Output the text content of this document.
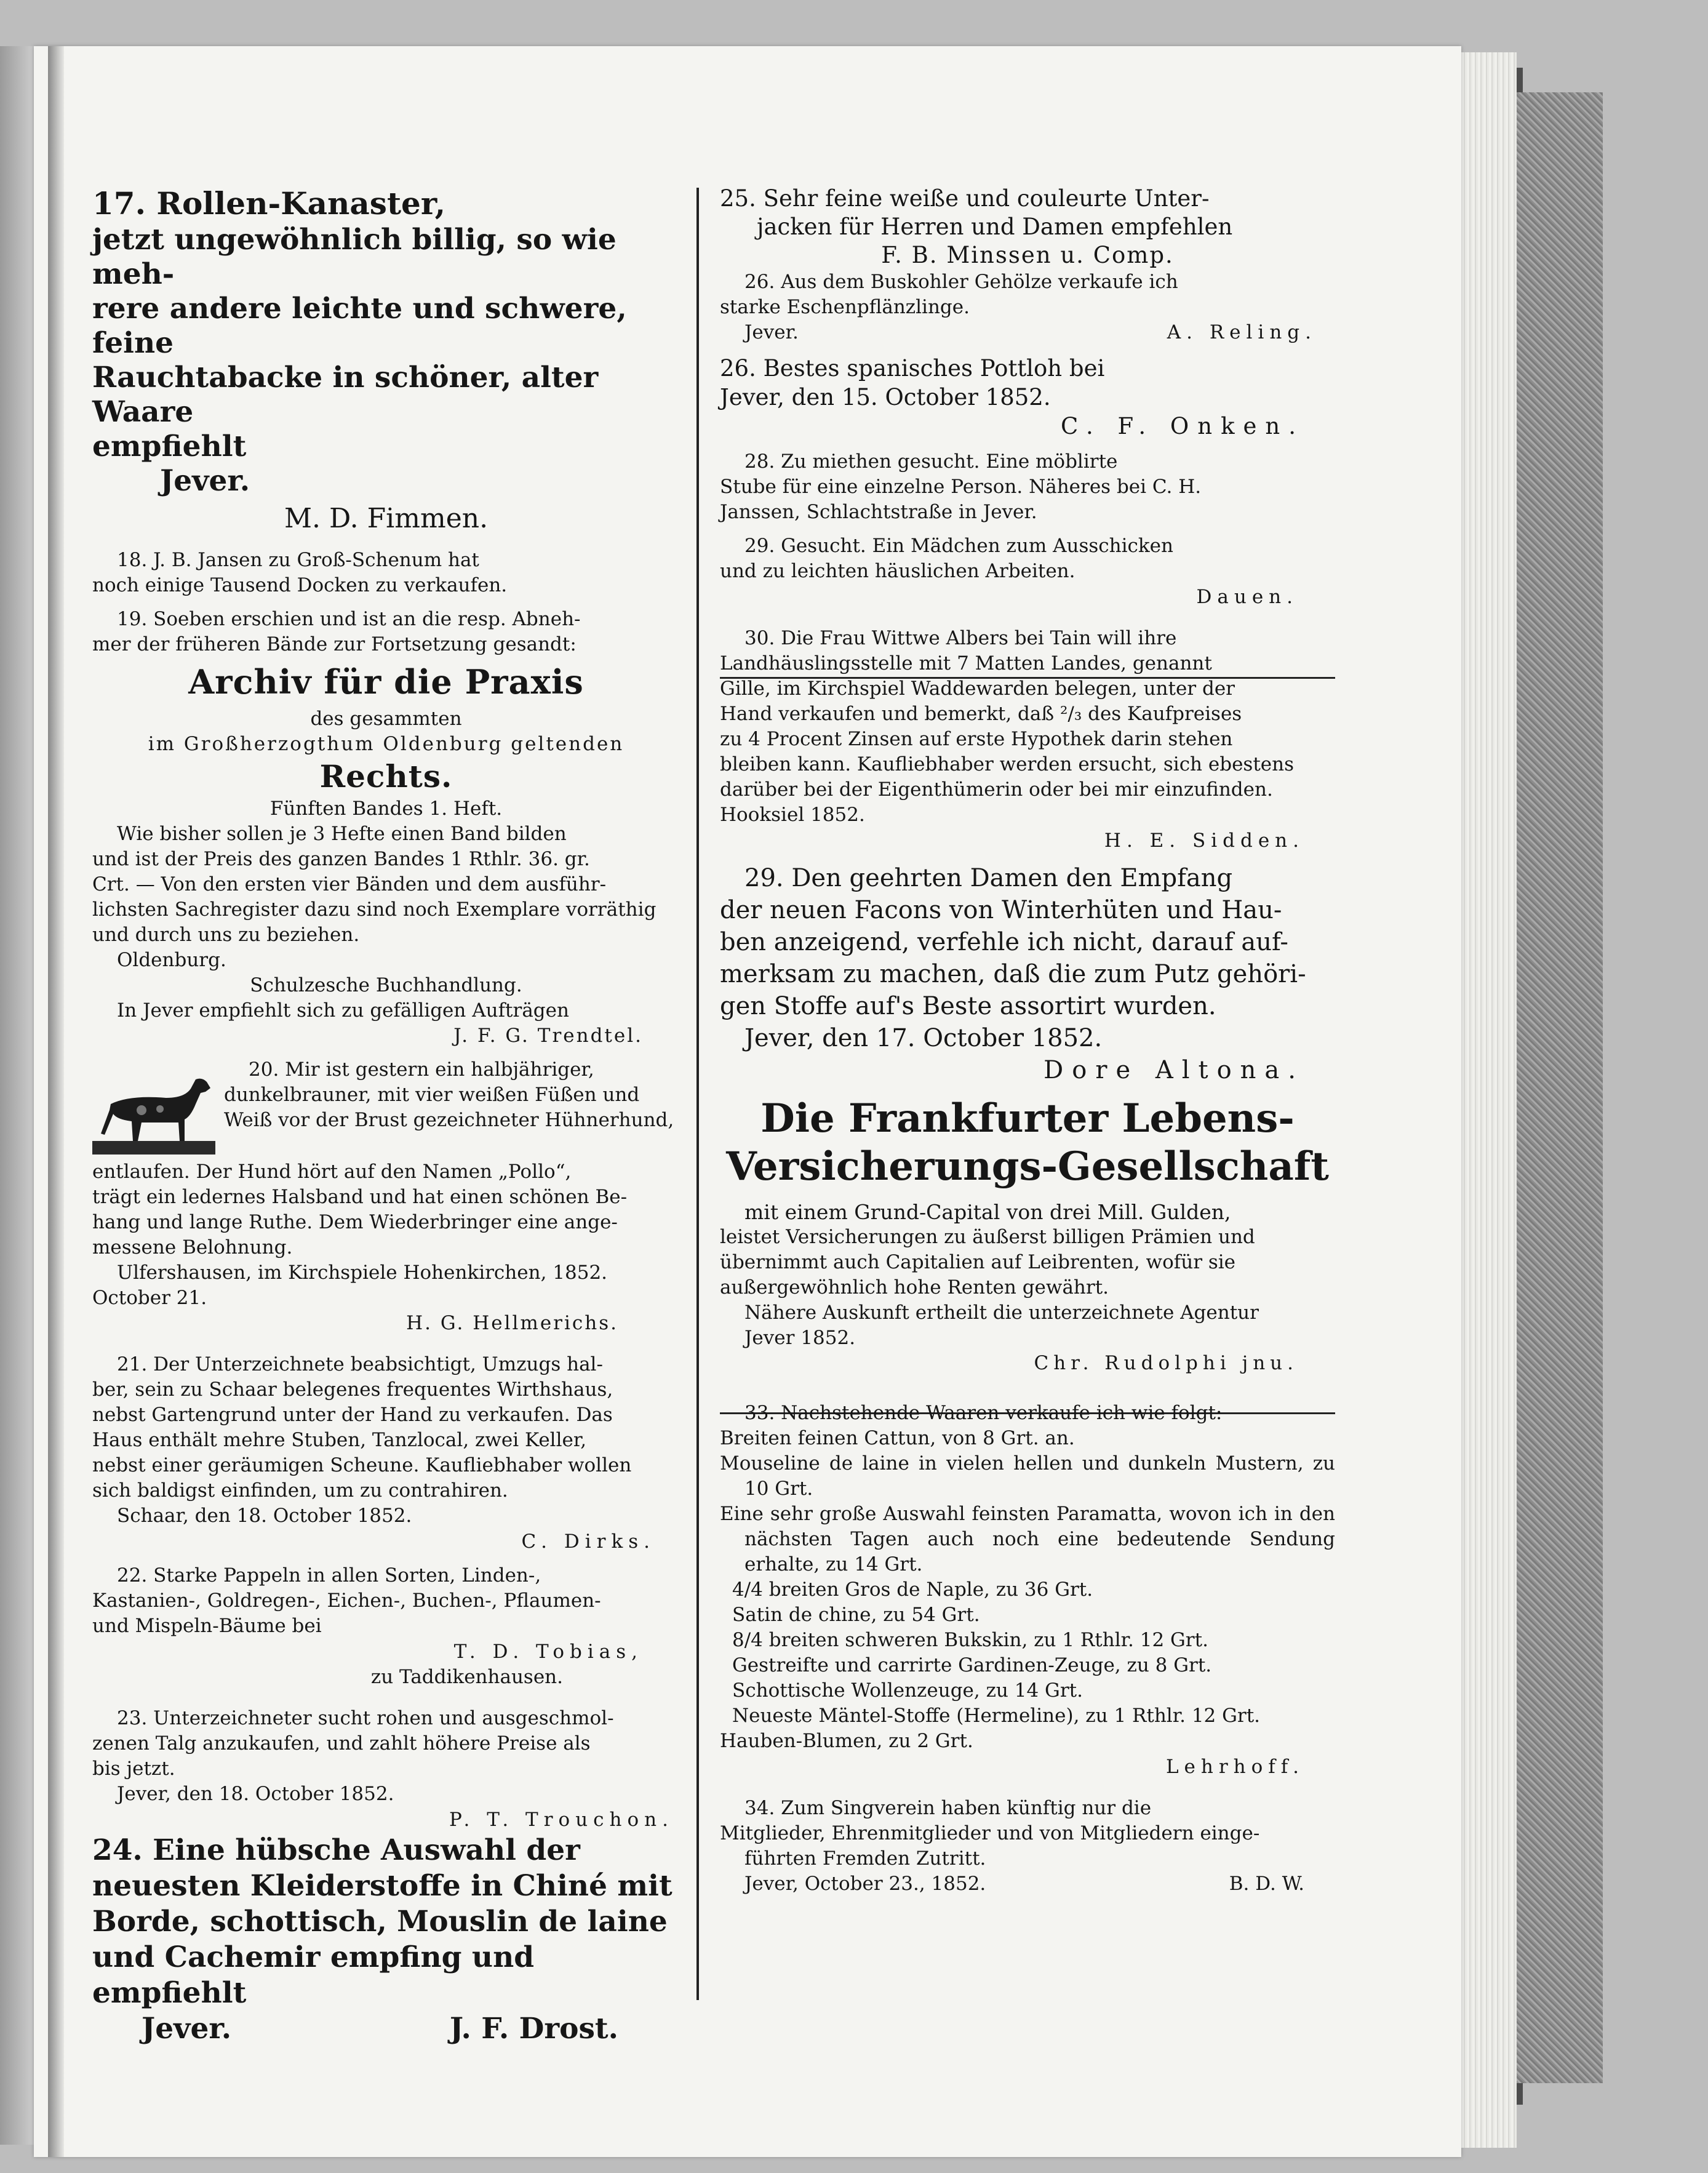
17. Rollen-Kanaster,

jetzt ungewöhnlich billig, so wie meh-

rere andere leichte und schwere, feine

Rauchtabacke in schöner, alter Waare

empfiehlt

Jever.

M. D. Fimmen.

18. J. B. Jansen zu Groß-Schenum hat

noch einige Tausend Docken zu verkaufen.

19. Soeben erschien und ist an die resp. Abneh-

mer der früheren Bände zur Fortsetzung gesandt:

Archiv für die Praxis

des gesammten

im Großherzogthum Oldenburg geltenden

Rechts.

Fünften Bandes 1. Heft.

Wie bisher sollen je 3 Hefte einen Band bilden

und ist der Preis des ganzen Bandes 1 Rthlr. 36. gr.

Crt. — Von den ersten vier Bänden und dem ausführ-

lichsten Sachregister dazu sind noch Exemplare vorräthig

und durch uns zu beziehen.

Oldenburg.

Schulzesche Buchhandlung.

In Jever empfiehlt sich zu gefälligen Aufträgen

J. F. G. Trendtel.

20. Mir ist gestern ein halbjähriger,

dunkelbrauner, mit vier weißen Füßen und

Weiß vor der Brust gezeichneter Hühnerhund,

entlaufen. Der Hund hört auf den Namen „Pollo“,

trägt ein ledernes Halsband und hat einen schönen Be-

hang und lange Ruthe. Dem Wiederbringer eine ange-

messene Belohnung.

Ulfershausen, im Kirchspiele Hohenkirchen, 1852.

October 21.

H. G. Hellmerichs.

21. Der Unterzeichnete beabsichtigt, Umzugs hal-

ber, sein zu Schaar belegenes frequentes Wirthshaus,

nebst Gartengrund unter der Hand zu verkaufen. Das

Haus enthält mehre Stuben, Tanzlocal, zwei Keller,

nebst einer geräumigen Scheune. Kaufliebhaber wollen

sich baldigst einfinden, um zu contrahiren.

Schaar, den 18. October 1852.

C. Dirks.

22. Starke Pappeln in allen Sorten, Linden-,

Kastanien-, Goldregen-, Eichen-, Buchen-, Pflaumen-

und Mispeln-Bäume bei

T. D. Tobias,

zu Taddikenhausen.

23. Unterzeichneter sucht rohen und ausgeschmol-

zenen Talg anzukaufen, und zahlt höhere Preise als

bis jetzt.

Jever, den 18. October 1852.

P. T. Trouchon.

24. Eine hübsche Auswahl der

neuesten Kleiderstoffe in Chiné mit

Borde, schottisch, Mouslin de laine

und Cachemir empfing und empfiehlt

Jever.	J. F. Drost.

25. Sehr feine weiße und couleurte Unter-

jacken für Herren und Damen empfehlen

F. B. Minssen u. Comp.

26. Aus dem Buskohler Gehölze verkaufe ich

starke Eschenpflänzlinge.

Jever.	A. Reling.

26. Bestes spanisches Pottloh bei

Jever, den 15. October 1852.

C. F. Onken.

28. Zu miethen gesucht. Eine möblirte

Stube für eine einzelne Person. Näheres bei C. H.

Janssen, Schlachtstraße in Jever.

29. Gesucht. Ein Mädchen zum Ausschicken

und zu leichten häuslichen Arbeiten.

Dauen.

30. Die Frau Wittwe Albers bei Tain will ihre

Landhäuslingsstelle mit 7 Matten Landes, genannt

Gille, im Kirchspiel Waddewarden belegen, unter der

Hand verkaufen und bemerkt, daß ²/₃ des Kaufpreises

zu 4 Procent Zinsen auf erste Hypothek darin stehen

bleiben kann. Kaufliebhaber werden ersucht, sich ebestens

darüber bei der Eigenthümerin oder bei mir einzufinden.

Hooksiel 1852.

H. E. Sidden.

29. Den geehrten Damen den Empfang

der neuen Facons von Winterhüten und Hau-

ben anzeigend, verfehle ich nicht, darauf auf-

merksam zu machen, daß die zum Putz gehöri-

gen Stoffe auf's Beste assortirt wurden.

Jever, den 17. October 1852.

Dore Altona.

Die Frankfurter Lebens-

Versicherungs-Gesellschaft

mit einem Grund-Capital von drei Mill. Gulden,

leistet Versicherungen zu äußerst billigen Prämien und

übernimmt auch Capitalien auf Leibrenten, wofür sie

außergewöhnlich hohe Renten gewährt.

Nähere Auskunft ertheilt die unterzeichnete Agentur

Jever 1852.

Chr. Rudolphi jnu.

33. Nachstehende Waaren verkaufe ich wie folgt:

Breiten feinen Cattun, von 8 Grt. an.

Mouseline de laine in vielen hellen und dunkeln Mustern, zu 10 Grt.

Eine sehr große Auswahl feinsten Paramatta, wovon ich in den nächsten Tagen auch noch eine bedeutende Sendung erhalte, zu 14 Grt.

4/4 breiten Gros de Naple, zu 36 Grt.

Satin de chine, zu 54 Grt.

8/4 breiten schweren Bukskin, zu 1 Rthlr. 12 Grt.

Gestreifte und carrirte Gardinen-Zeuge, zu 8 Grt.

Schottische Wollenzeuge, zu 14 Grt.

Neueste Mäntel-Stoffe (Hermeline), zu 1 Rthlr. 12 Grt.

Hauben-Blumen, zu 2 Grt.

Lehrhoff.

34. Zum Singverein haben künftig nur die

Mitglieder, Ehrenmitglieder und von Mitgliedern einge-

führten Fremden Zutritt.

Jever, October 23., 1852.	B. D. W.
